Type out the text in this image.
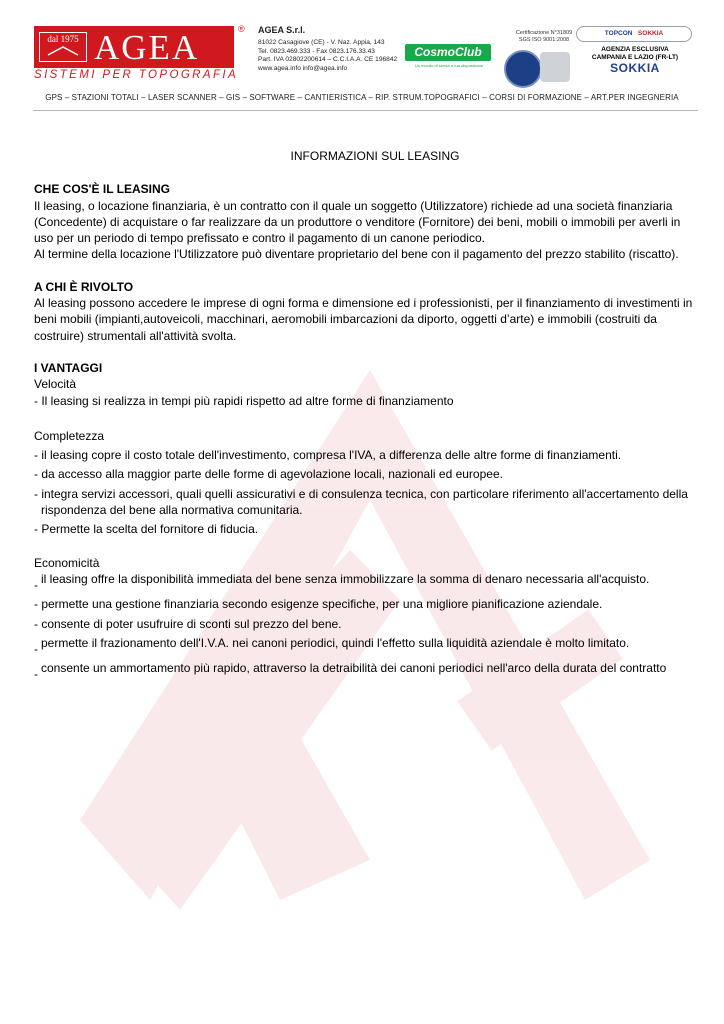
dal 1975 AGEA	®
SISTEMI PER TOPOGRAFIA
AGEA S.r.l.
81022 Casagiove (CE) - V. Naz. Appia, 143
Tel. 0823.469.333 - Fax 0823.176.33.43
Part. IVA 02802200614 – C.C.I.A.A. CE 196842
www.agea.info info@agea.info
CosmoClub
Un mondo di servizi a tua disposizione
Certificazione N°31809
SGS ISO 9001:2008
TOPCON SOKKIA
AGENZIA ESCLUSIVA
CAMPANIA E LAZIO (FR-LT)
SOKKIA
GPS – STAZIONI TOTALI – LASER SCANNER – GIS – SOFTWARE – CANTIERISTICA – RIP. STRUM.TOPOGRAFICI – CORSI DI FORMAZIONE – ART.PER INGEGNERIA
INFORMAZIONI SUL LEASING
CHE COS'È IL LEASING

Il leasing, o locazione finanziaria, è un contratto con il quale un soggetto (Utilizzatore) richiede ad una società finanziaria (Concedente) di acquistare o far realizzare da un produttore o venditore (Fornitore) dei beni, mobili o immobili per averli in uso per un periodo di tempo prefissato e contro il pagamento di un canone periodico.

Al termine della locazione l'Utilizzatore può diventare proprietario del bene con il pagamento del prezzo stabilito (riscatto).

A CHI È RIVOLTO

Al leasing possono accedere le imprese di ogni forma e dimensione ed i professionisti, per il finanziamento di investimenti in beni mobili (impianti,autoveicoli, macchinari, aeromobili imbarcazioni da diporto, oggetti d’arte) e immobili (costruiti da costruire) strumentali all'attività svolta.

I VANTAGGI
Velocità

- Il leasing si realizza in tempi più rapidi rispetto ad altre forme di finanziamento

Completezza

- il leasing copre il costo totale dell'investimento, compresa l'IVA, a differenza delle altre forme di finanziamenti.

- da accesso alla maggior parte delle forme di agevolazione locali, nazionali ed europee.

- integra servizi accessori, quali quelli assicurativi e di consulenza tecnica, con particolare riferimento all'accertamento della rispondenza del bene alla normativa comunitaria.

- Permette la scelta del fornitore di fiducia.

Economicità
- il leasing offre la disponibilità immediata del bene senza immobilizzare la somma di denaro necessaria all'acquisto.

- permette una gestione finanziaria secondo esigenze specifiche, per una migliore pianificazione aziendale.

- consente di poter usufruire di sconti sul prezzo del bene.

- permette il frazionamento dell'I.V.A. nei canoni periodici, quindi l'effetto sulla liquidità aziendale è molto limitato.
- consente un ammortamento più rapido, attraverso la detraibilità dei canoni periodici nell'arco della durata del contratto
